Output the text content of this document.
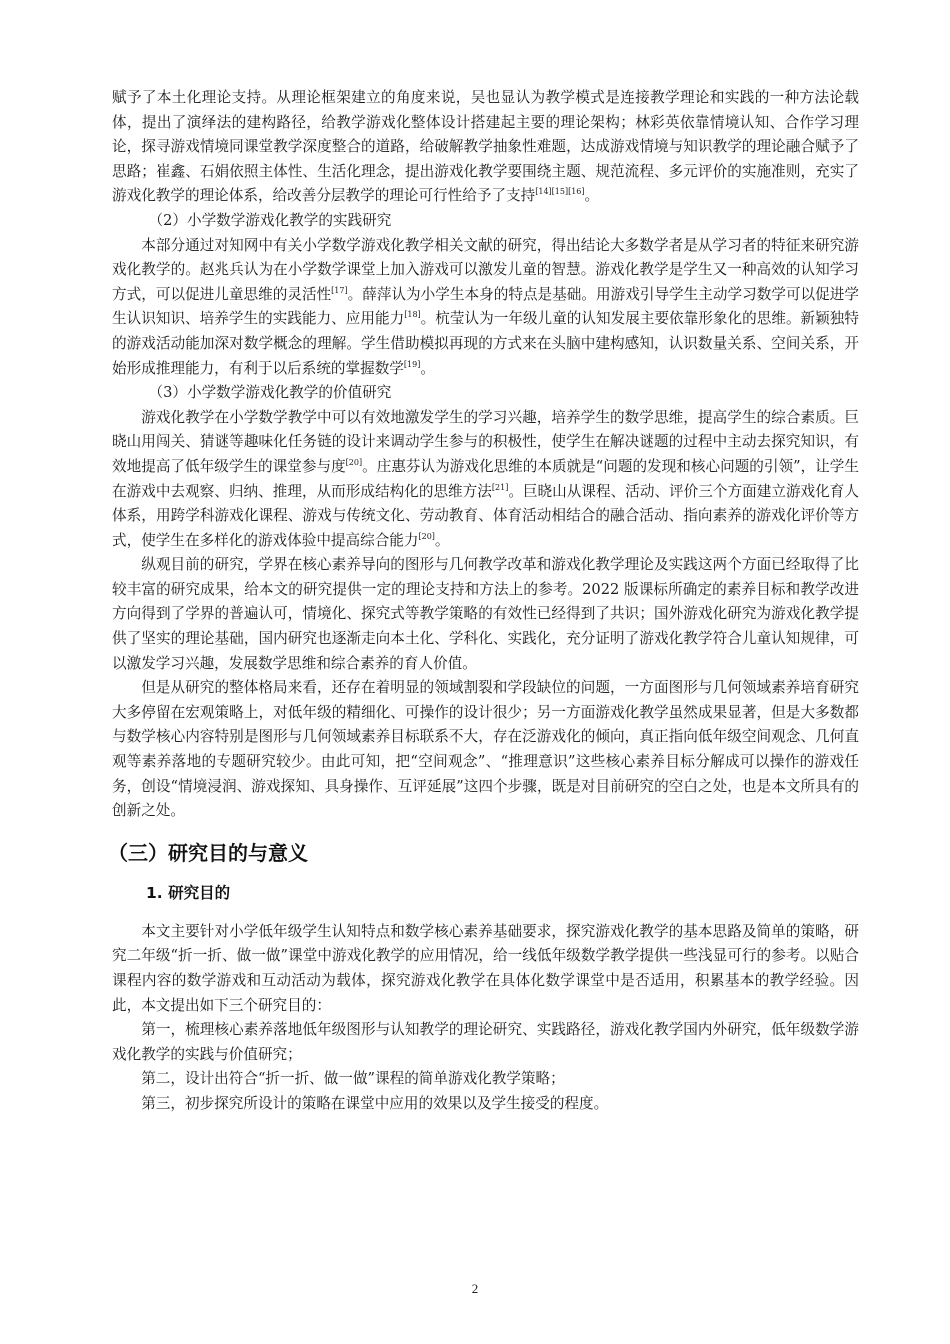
赋予了本土化理论支持。从理论框架建立的角度来说，吴也显认为教学模式是连接教学理论和实践的一种方法论载体，提出了演绎法的建构路径，给教学游戏化整体设计搭建起主要的理论架构；林彩英依靠情境认知、合作学习理论，探寻游戏情境同课堂教学深度整合的道路，给破解教学抽象性难题，达成游戏情境与知识教学的理论融合赋予了思路；崔鑫、石娟依照主体性、生活化理念，提出游戏化教学要围绕主题、规范流程、多元评价的实施准则，充实了游戏化教学的理论体系，给改善分层教学的理论可行性给予了支持[14][15][16]。

（2）小学数学游戏化教学的实践研究

本部分通过对知网中有关小学数学游戏化教学相关文献的研究，得出结论大多数学者是从学习者的特征来研究游戏化教学的。赵兆兵认为在小学数学课堂上加入游戏可以激发儿童的智慧。游戏化教学是学生又一种高效的认知学习方式，可以促进儿童思维的灵活性[17]。薛萍认为小学生本身的特点是基础。用游戏引导学生主动学习数学可以促进学生认识知识、培养学生的实践能力、应用能力[18]。杭莹认为一年级儿童的认知发展主要依靠形象化的思维。新颖独特的游戏活动能加深对数学概念的理解。学生借助模拟再现的方式来在头脑中建构感知，认识数量关系、空间关系，开始形成推理能力，有利于以后系统的掌握数学[19]。

（3）小学数学游戏化教学的价值研究

游戏化教学在小学数学教学中可以有效地激发学生的学习兴趣，培养学生的数学思维，提高学生的综合素质。巨晓山用闯关、猜谜等趣味化任务链的设计来调动学生参与的积极性，使学生在解决谜题的过程中主动去探究知识，有效地提高了低年级学生的课堂参与度[20]。庄惠芬认为游戏化思维的本质就是“问题的发现和核心问题的引领”，让学生在游戏中去观察、归纳、推理，从而形成结构化的思维方法[21]。巨晓山从课程、活动、评价三个方面建立游戏化育人体系，用跨学科游戏化课程、游戏与传统文化、劳动教育、体育活动相结合的融合活动、指向素养的游戏化评价等方式，使学生在多样化的游戏体验中提高综合能力[20]。

纵观目前的研究，学界在核心素养导向的图形与几何教学改革和游戏化教学理论及实践这两个方面已经取得了比较丰富的研究成果，给本文的研究提供一定的理论支持和方法上的参考。2022 版课标所确定的素养目标和教学改进方向得到了学界的普遍认可，情境化、探究式等教学策略的有效性已经得到了共识；国外游戏化研究为游戏化教学提供了坚实的理论基础，国内研究也逐渐走向本土化、学科化、实践化，充分证明了游戏化教学符合儿童认知规律，可以激发学习兴趣，发展数学思维和综合素养的育人价值。

但是从研究的整体格局来看，还存在着明显的领域割裂和学段缺位的问题，一方面图形与几何领域素养培育研究大多停留在宏观策略上，对低年级的精细化、可操作的设计很少；另一方面游戏化教学虽然成果显著，但是大多数都与数学核心内容特别是图形与几何领域素养目标联系不大，存在泛游戏化的倾向，真正指向低年级空间观念、几何直观等素养落地的专题研究较少。由此可知，把“空间观念”、“推理意识”这些核心素养目标分解成可以操作的游戏任务，创设“情境浸润、游戏探知、具身操作、互评延展”这四个步骤，既是对目前研究的空白之处，也是本文所具有的创新之处。

（三）研究目的与意义
1. 研究目的

本文主要针对小学低年级学生认知特点和数学核心素养基础要求，探究游戏化教学的基本思路及简单的策略，研究二年级“折一折、做一做”课堂中游戏化教学的应用情况，给一线低年级数学教学提供一些浅显可行的参考。以贴合课程内容的数学游戏和互动活动为载体，探究游戏化教学在具体化数学课堂中是否适用，积累基本的教学经验。因此，本文提出如下三个研究目的：

第一，梳理核心素养落地低年级图形与认知教学的理论研究、实践路径，游戏化教学国内外研究，低年级数学游戏化教学的实践与价值研究；

第二，设计出符合“折一折、做一做”课程的简单游戏化教学策略；

第三，初步探究所设计的策略在课堂中应用的效果以及学生接受的程度。

2
